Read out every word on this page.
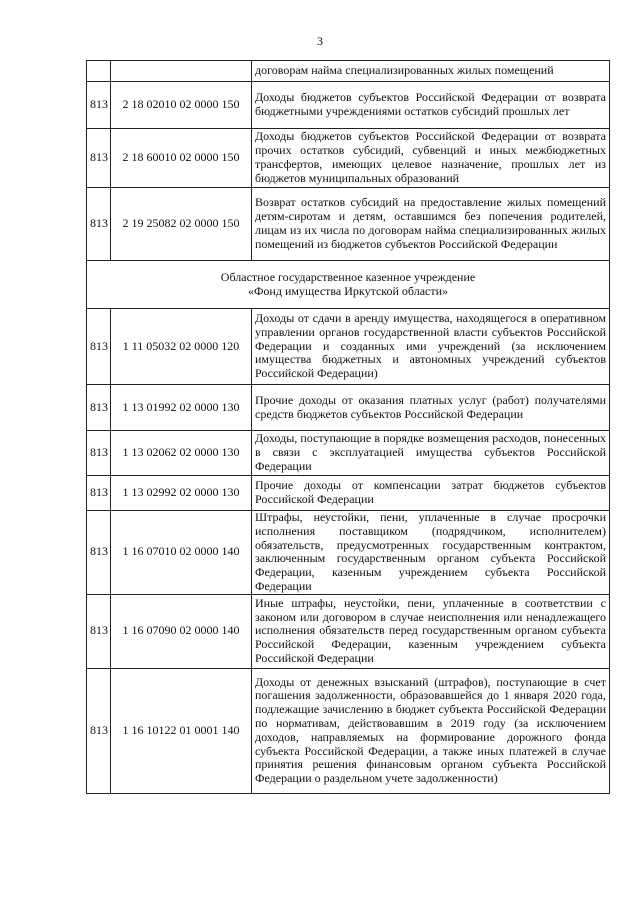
3
		договорам найма специализированных жилых помещений
813	2 18 02010 02 0000 150	Доходы бюджетов субъектов Российской Федерации от возврата бюджетными учреждениями остатков субсидий прошлых лет
813	2 18 60010 02 0000 150	Доходы бюджетов субъектов Российской Федерации от возврата прочих остатков субсидий, субвенций и иных межбюджетных трансфертов, имеющих целевое назначение, прошлых лет из бюджетов муниципальных образований
813	2 19 25082 02 0000 150	Возврат остатков субсидий на предоставление жилых помещений детям-сиротам и детям, оставшимся без попечения родителей, лицам из их числа по договорам найма специализированных жилых помещений из бюджетов субъектов Российской Федерации

Областное государственное казенное учреждение
«Фонд имущества Иркутской области»		

813	1 11 05032 02 0000 120	Доходы от сдачи в аренду имущества, находящегося в оперативном управлении органов государственной власти субъектов Российской Федерации и созданных ими учреждений (за исключением имущества бюджетных и автономных учреждений субъектов Российской Федерации)
813	1 13 01992 02 0000 130	Прочие доходы от оказания платных услуг (работ) получателями средств бюджетов субъектов Российской Федерации
813	1 13 02062 02 0000 130	Доходы, поступающие в порядке возмещения расходов, понесенных в связи с эксплуатацией имущества субъектов Российской Федерации
813	1 13 02992 02 0000 130	Прочие доходы от компенсации затрат бюджетов субъектов Российской Федерации
813	1 16 07010 02 0000 140	Штрафы, неустойки, пени, уплаченные в случае просрочки исполнения поставщиком (подрядчиком, исполнителем) обязательств, предусмотренных государственным контрактом, заключенным государственным органом субъекта Российской Федерации, казенным учреждением субъекта Российской Федерации
813	1 16 07090 02 0000 140	Иные штрафы, неустойки, пени, уплаченные в соответствии с законом или договором в случае неисполнения или ненадлежащего исполнения обязательств перед государственным органом субъекта Российской Федерации, казенным учреждением субъекта Российской Федерации
813	1 16 10122 01 0001 140	Доходы от денежных взысканий (штрафов), поступающие в счет погашения задолженности, образовавшейся до 1 января 2020 года, подлежащие зачислению в бюджет субъекта Российской Федерации по нормативам, действовавшим в 2019 году (за исключением доходов, направляемых на формирование дорожного фонда субъекта Российской Федерации, а также иных платежей в случае принятия решения финансовым органом субъекта Российской Федерации о раздельном учете задолженности)
